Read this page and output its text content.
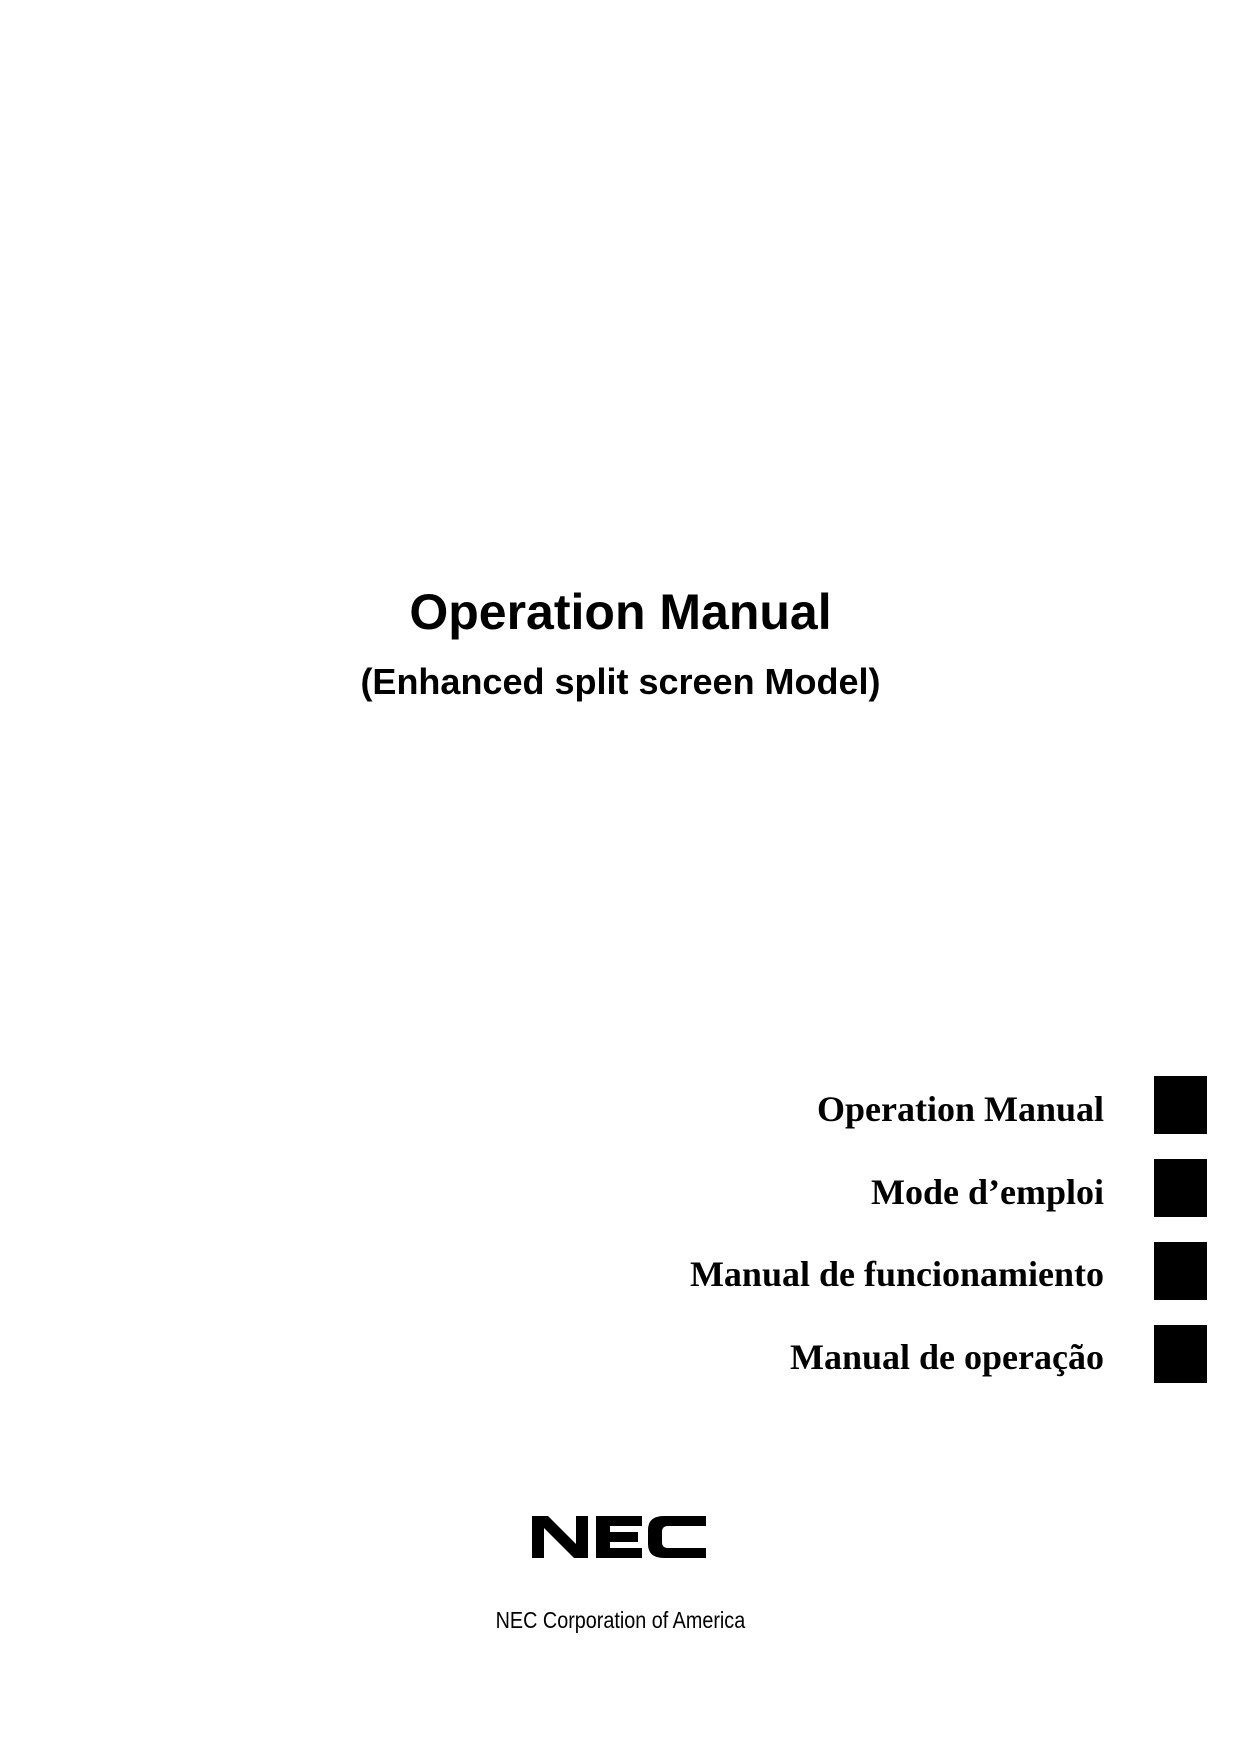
Operation Manual
(Enhanced split screen Model)
Operation Manual
Mode d’emploi
Manual de funcionamiento
Manual de operação
NEC Corporation of America
